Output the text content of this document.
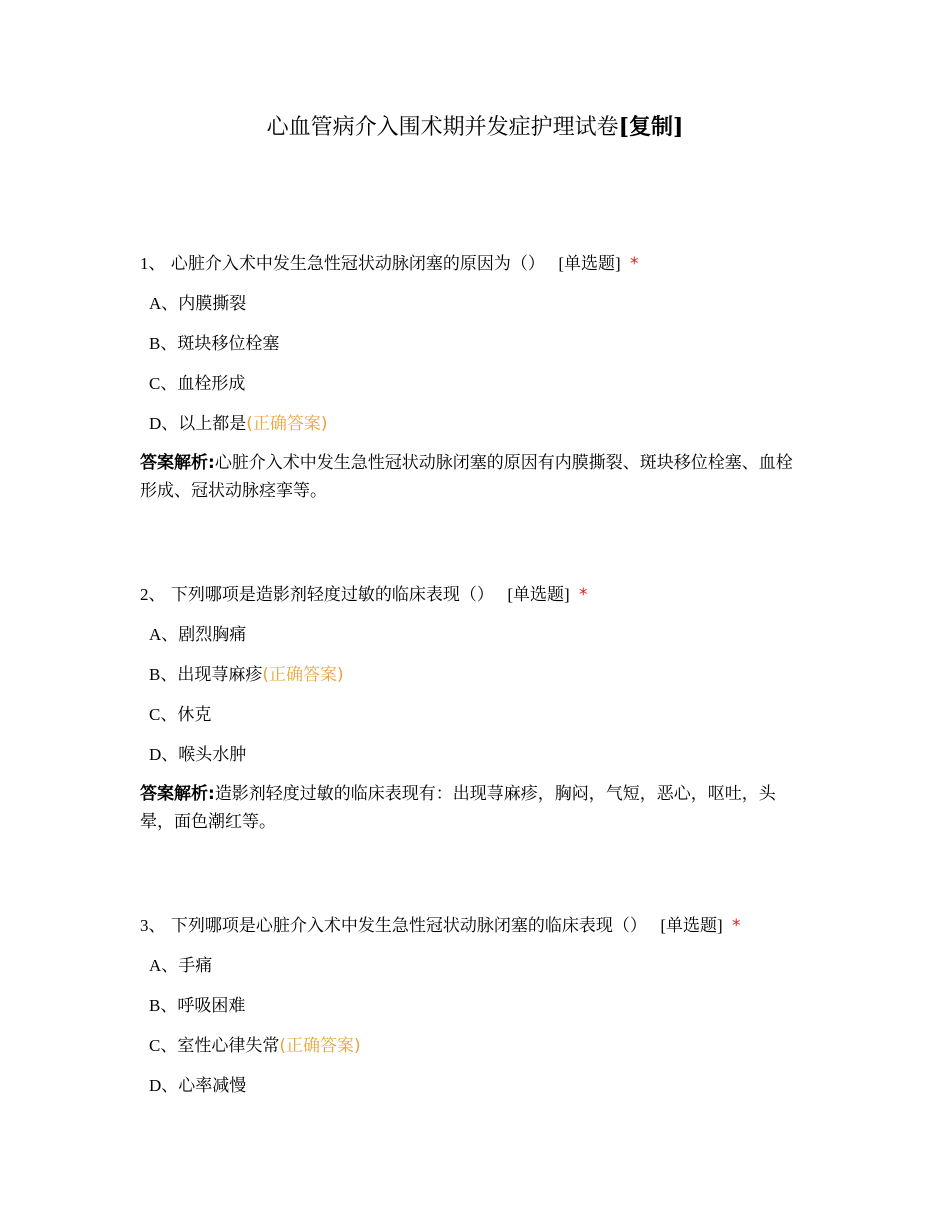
心血管病介入围术期并发症护理试卷[复制]
1、 心脏介入术中发生急性冠状动脉闭塞的原因为（） [单选题] *
A、内膜撕裂
B、斑块移位栓塞
C、血栓形成
D、以上都是(正确答案)
答案解析:心脏介入术中发生急性冠状动脉闭塞的原因有内膜撕裂、斑块移位栓塞、血栓形成、冠状动脉痉挛等。
2、 下列哪项是造影剂轻度过敏的临床表现（） [单选题] *
A、剧烈胸痛
B、出现荨麻疹(正确答案)
C、休克
D、喉头水肿
答案解析:造影剂轻度过敏的临床表现有：出现荨麻疹，胸闷，气短，恶心，呕吐，头晕，面色潮红等。
3、 下列哪项是心脏介入术中发生急性冠状动脉闭塞的临床表现（） [单选题] *
A、手痛
B、呼吸困难
C、室性心律失常(正确答案)
D、心率减慢
